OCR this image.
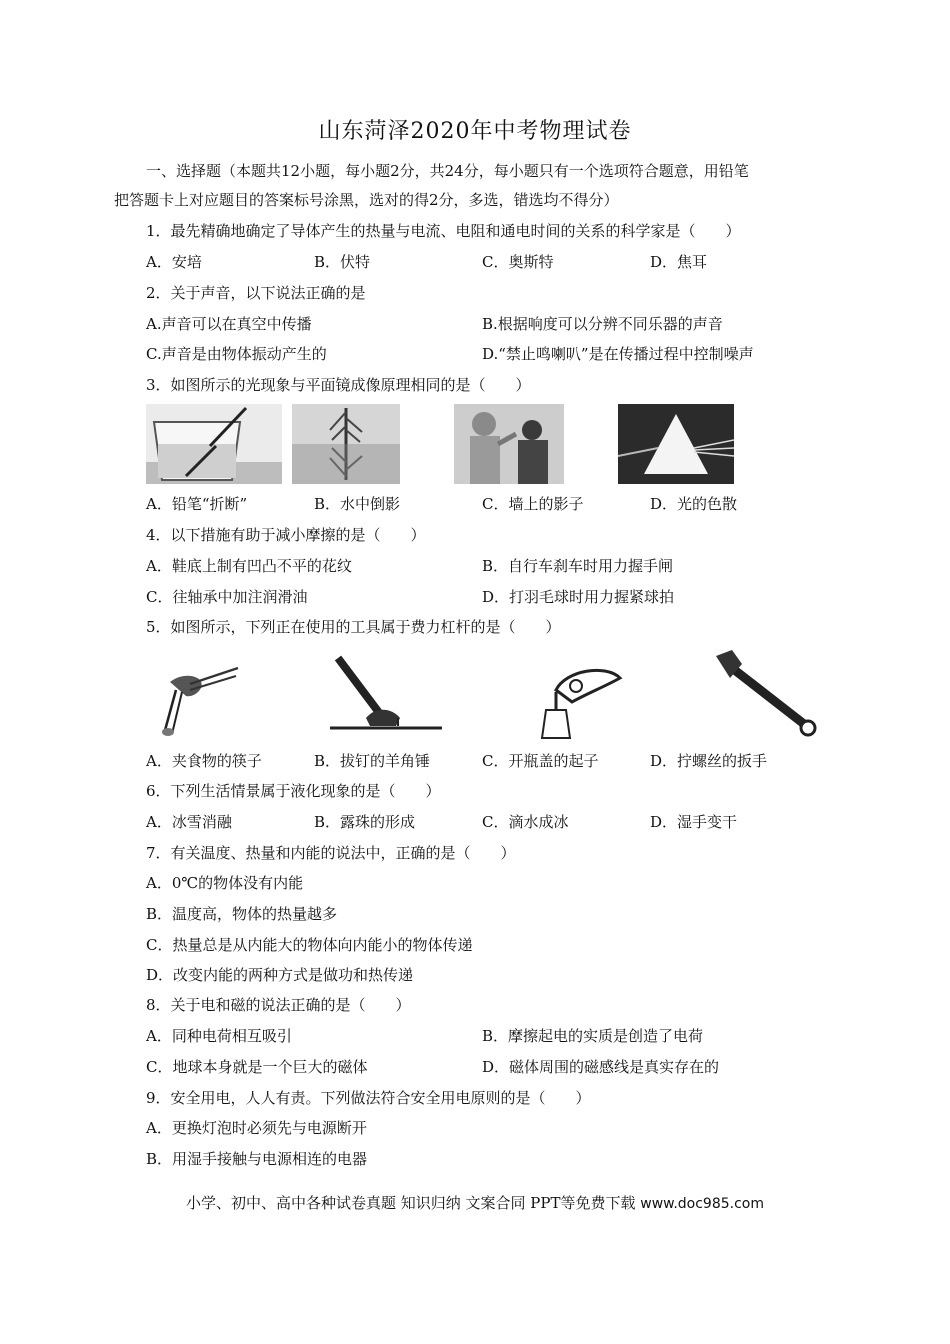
山东菏泽2020年中考物理试卷
一、选择题（本题共12小题，每小题2分，共24分，每小题只有一个选项符合题意，用铅笔
把答题卡上对应题目的答案标号涂黑，选对的得2分，多选，错选均不得分）
1．最先精确地确定了导体产生的热量与电流、电阻和通电时间的关系的科学家是（　　）
A．安培	B．伏特	C．奥斯特	D．焦耳
2．关于声音，以下说法正确的是
A.声音可以在真空中传播	B.根据响度可以分辨不同乐器的声音
C.声音是由物体振动产生的	D.“禁止鸣喇叭”是在传播过程中控制噪声
3．如图所示的光现象与平面镜成像原理相同的是（　　）
A．铅笔“折断”	B．水中倒影	C．墙上的影子	D．光的色散
4．以下措施有助于减小摩擦的是（　　）
A．鞋底上制有凹凸不平的花纹	B．自行车刹车时用力握手闸
C．往轴承中加注润滑油	D．打羽毛球时用力握紧球拍
5．如图所示，下列正在使用的工具属于费力杠杆的是（　　）
A．夹食物的筷子	B．拔钉的羊角锤	C．开瓶盖的起子	D．拧螺丝的扳手
6．下列生活情景属于液化现象的是（　　）
A．冰雪消融	B．露珠的形成	C．滴水成冰	D．湿手变干
7．有关温度、热量和内能的说法中，正确的是（　　）
A．0℃的物体没有内能
B．温度高，物体的热量越多
C．热量总是从内能大的物体向内能小的物体传递
D．改变内能的两种方式是做功和热传递
8．关于电和磁的说法正确的是（　　）
A．同种电荷相互吸引	B．摩擦起电的实质是创造了电荷
C．地球本身就是一个巨大的磁体	D．磁体周围的磁感线是真实存在的
9．安全用电，人人有责。下列做法符合安全用电原则的是（　　）
A．更换灯泡时必须先与电源断开
B．用湿手接触与电源相连的电器
小学、初中、高中各种试卷真题 知识归纳 文案合同 PPT等免费下载 www.doc985.com
